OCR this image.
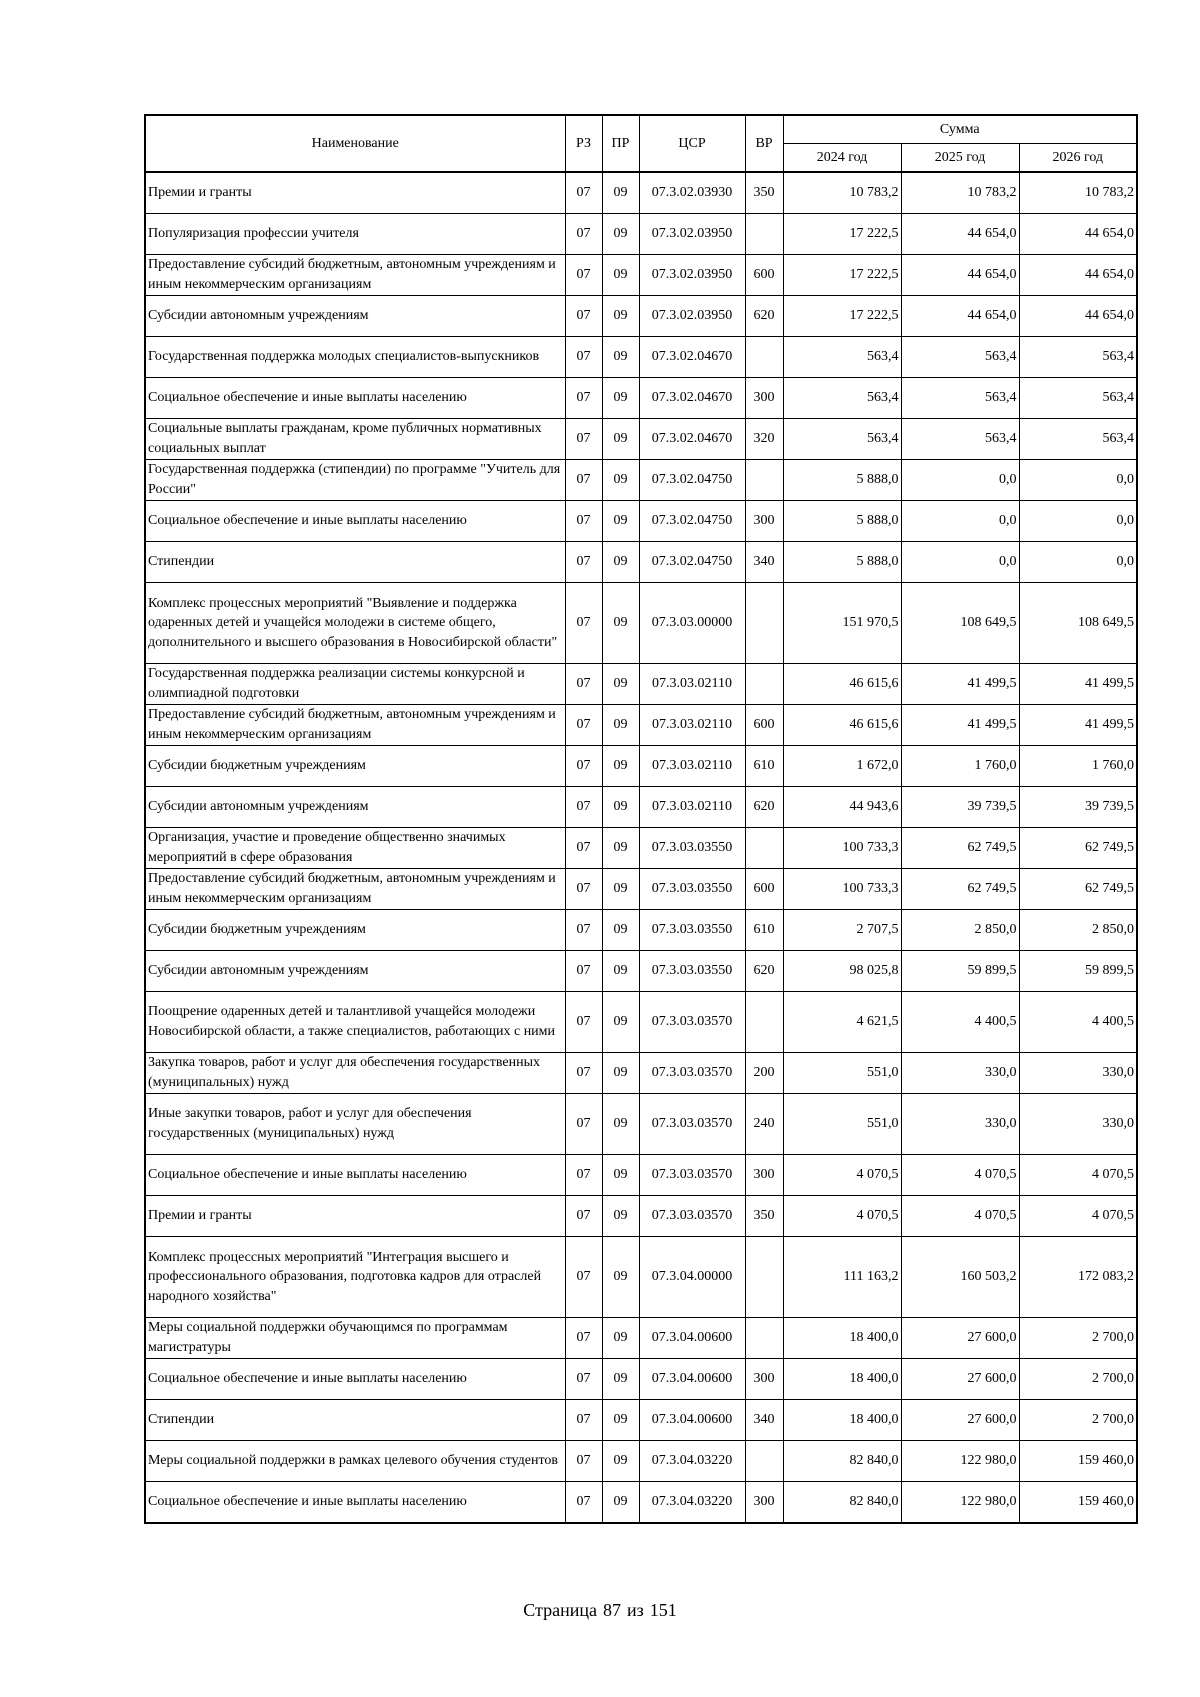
Наименование	РЗ	ПР	ЦСР	ВР	Сумма		
					2024 год	2025 год	2026 год
Премии и гранты	07	09	07.3.02.03930	350	10 783,2	10 783,2	10 783,2
Популяризация профессии учителя	07	09	07.3.02.03950		17 222,5	44 654,0	44 654,0
Предоставление субсидий бюджетным, автономным учреждениям и иным некоммерческим организациям	07	09	07.3.02.03950	600	17 222,5	44 654,0	44 654,0
Субсидии автономным учреждениям	07	09	07.3.02.03950	620	17 222,5	44 654,0	44 654,0
Государственная поддержка молодых специалистов-выпускников	07	09	07.3.02.04670		563,4	563,4	563,4
Социальное обеспечение и иные выплаты населению	07	09	07.3.02.04670	300	563,4	563,4	563,4
Социальные выплаты гражданам, кроме публичных нормативных социальных выплат	07	09	07.3.02.04670	320	563,4	563,4	563,4
Государственная поддержка (стипендии) по программе "Учитель для России"	07	09	07.3.02.04750		5 888,0	0,0	0,0
Социальное обеспечение и иные выплаты населению	07	09	07.3.02.04750	300	5 888,0	0,0	0,0
Стипендии	07	09	07.3.02.04750	340	5 888,0	0,0	0,0
Комплекс процессных мероприятий "Выявление и поддержка одаренных детей и учащейся молодежи в системе общего, дополнительного и высшего образования в Новосибирской области"	07	09	07.3.03.00000		151 970,5	108 649,5	108 649,5
Государственная поддержка реализации системы конкурсной и олимпиадной подготовки	07	09	07.3.03.02110		46 615,6	41 499,5	41 499,5
Предоставление субсидий бюджетным, автономным учреждениям и иным некоммерческим организациям	07	09	07.3.03.02110	600	46 615,6	41 499,5	41 499,5
Субсидии бюджетным учреждениям	07	09	07.3.03.02110	610	1 672,0	1 760,0	1 760,0
Субсидии автономным учреждениям	07	09	07.3.03.02110	620	44 943,6	39 739,5	39 739,5
Организация, участие и проведение общественно значимых мероприятий в сфере образования	07	09	07.3.03.03550		100 733,3	62 749,5	62 749,5
Предоставление субсидий бюджетным, автономным учреждениям и иным некоммерческим организациям	07	09	07.3.03.03550	600	100 733,3	62 749,5	62 749,5
Субсидии бюджетным учреждениям	07	09	07.3.03.03550	610	2 707,5	2 850,0	2 850,0
Субсидии автономным учреждениям	07	09	07.3.03.03550	620	98 025,8	59 899,5	59 899,5
Поощрение одаренных детей и талантливой учащейся молодежи Новосибирской области, а также специалистов, работающих с ними	07	09	07.3.03.03570		4 621,5	4 400,5	4 400,5
Закупка товаров, работ и услуг для обеспечения государственных (муниципальных) нужд	07	09	07.3.03.03570	200	551,0	330,0	330,0
Иные закупки товаров, работ и услуг для обеспечения государственных (муниципальных) нужд	07	09	07.3.03.03570	240	551,0	330,0	330,0
Социальное обеспечение и иные выплаты населению	07	09	07.3.03.03570	300	4 070,5	4 070,5	4 070,5
Премии и гранты	07	09	07.3.03.03570	350	4 070,5	4 070,5	4 070,5
Комплекс процессных мероприятий "Интеграция высшего и профессионального образования, подготовка кадров для отраслей народного хозяйства"	07	09	07.3.04.00000		111 163,2	160 503,2	172 083,2
Меры социальной поддержки обучающимся по программам магистратуры	07	09	07.3.04.00600		18 400,0	27 600,0	2 700,0
Социальное обеспечение и иные выплаты населению	07	09	07.3.04.00600	300	18 400,0	27 600,0	2 700,0
Стипендии	07	09	07.3.04.00600	340	18 400,0	27 600,0	2 700,0
Меры социальной поддержки в рамках целевого обучения студентов	07	09	07.3.04.03220		82 840,0	122 980,0	159 460,0
Социальное обеспечение и иные выплаты населению	07	09	07.3.04.03220	300	82 840,0	122 980,0	159 460,0
Страница 87 из 151
